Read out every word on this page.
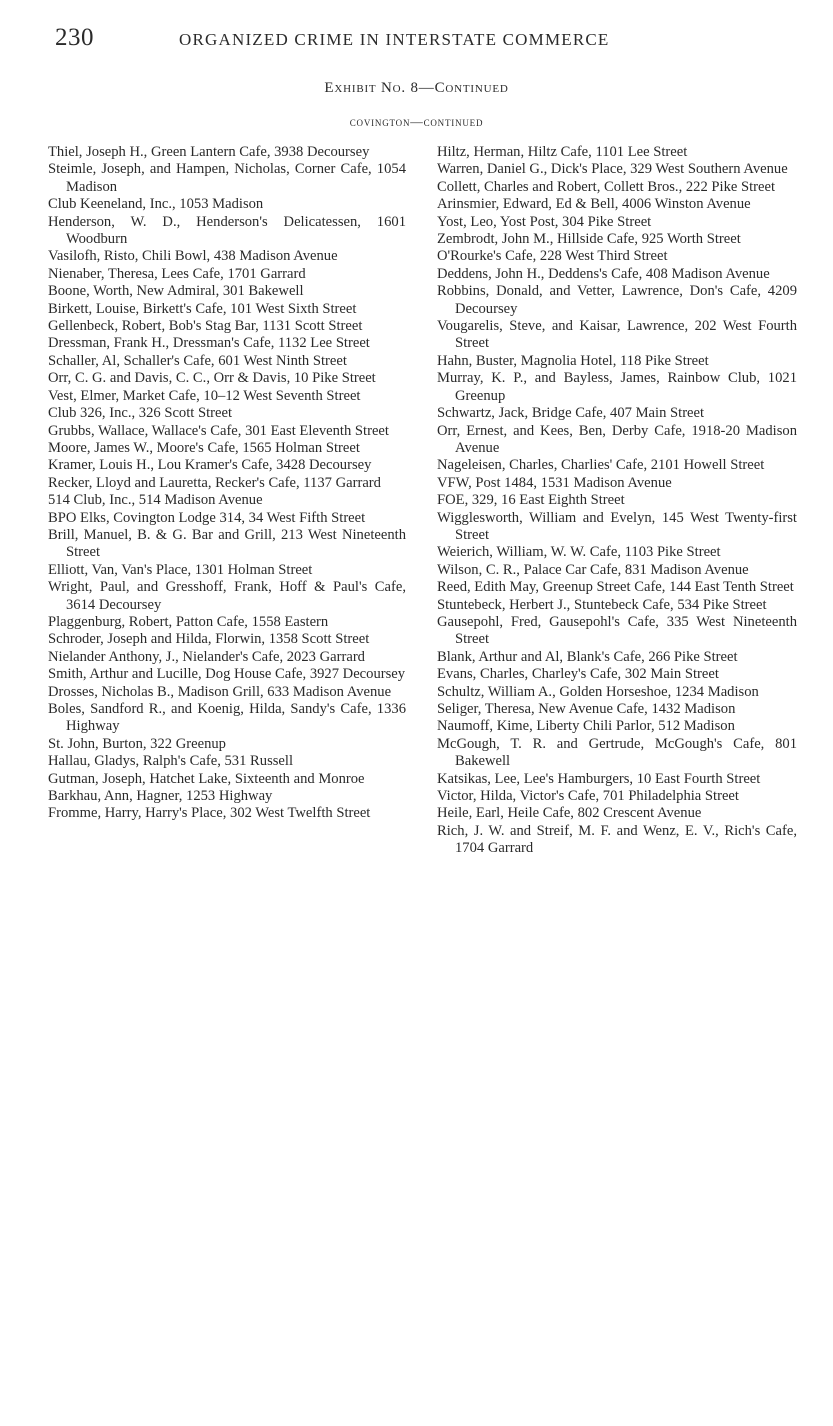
230	ORGANIZED CRIME IN INTERSTATE COMMERCE
Exhibit No. 8—Continued
covington—continued

Thiel, Joseph H., Green Lantern Cafe, 3938 Decoursey

Steimle, Joseph, and Hampen, Nicholas, Corner Cafe, 1054 Madison

Club Keeneland, Inc., 1053 Madison

Henderson, W. D., Henderson's Delicatessen, 1601 Woodburn

Vasilofh, Risto, Chili Bowl, 438 Madison Avenue

Nienaber, Theresa, Lees Cafe, 1701 Garrard

Boone, Worth, New Admiral, 301 Bakewell

Birkett, Louise, Birkett's Cafe, 101 West Sixth Street

Gellenbeck, Robert, Bob's Stag Bar, 1131 Scott Street

Dressman, Frank H., Dressman's Cafe, 1132 Lee Street

Schaller, Al, Schaller's Cafe, 601 West Ninth Street

Orr, C. G. and Davis, C. C., Orr & Davis, 10 Pike Street

Vest, Elmer, Market Cafe, 10–12 West Seventh Street

Club 326, Inc., 326 Scott Street

Grubbs, Wallace, Wallace's Cafe, 301 East Eleventh Street

Moore, James W., Moore's Cafe, 1565 Holman Street

Kramer, Louis H., Lou Kramer's Cafe, 3428 Decoursey

Recker, Lloyd and Lauretta, Recker's Cafe, 1137 Garrard

514 Club, Inc., 514 Madison Avenue

BPO Elks, Covington Lodge 314, 34 West Fifth Street

Brill, Manuel, B. & G. Bar and Grill, 213 West Nineteenth Street

Elliott, Van, Van's Place, 1301 Holman Street

Wright, Paul, and Gresshoff, Frank, Hoff & Paul's Cafe, 3614 Decoursey

Plaggenburg, Robert, Patton Cafe, 1558 Eastern

Schroder, Joseph and Hilda, Florwin, 1358 Scott Street

Nielander Anthony, J., Nielander's Cafe, 2023 Garrard

Smith, Arthur and Lucille, Dog House Cafe, 3927 Decoursey

Drosses, Nicholas B., Madison Grill, 633 Madison Avenue

Boles, Sandford R., and Koenig, Hilda, Sandy's Cafe, 1336 Highway

St. John, Burton, 322 Greenup

Hallau, Gladys, Ralph's Cafe, 531 Russell

Gutman, Joseph, Hatchet Lake, Sixteenth and Monroe

Barkhau, Ann, Hagner, 1253 Highway

Fromme, Harry, Harry's Place, 302 West Twelfth Street

Hiltz, Herman, Hiltz Cafe, 1101 Lee Street

Warren, Daniel G., Dick's Place, 329 West Southern Avenue

Collett, Charles and Robert, Collett Bros., 222 Pike Street

Arinsmier, Edward, Ed & Bell, 4006 Winston Avenue

Yost, Leo, Yost Post, 304 Pike Street

Zembrodt, John M., Hillside Cafe, 925 Worth Street

O'Rourke's Cafe, 228 West Third Street

Deddens, John H., Deddens's Cafe, 408 Madison Avenue

Robbins, Donald, and Vetter, Lawrence, Don's Cafe, 4209 Decoursey

Vougarelis, Steve, and Kaisar, Lawrence, 202 West Fourth Street

Hahn, Buster, Magnolia Hotel, 118 Pike Street

Murray, K. P., and Bayless, James, Rainbow Club, 1021 Greenup

Schwartz, Jack, Bridge Cafe, 407 Main Street

Orr, Ernest, and Kees, Ben, Derby Cafe, 1918-20 Madison Avenue

Nageleisen, Charles, Charlies' Cafe, 2101 Howell Street

VFW, Post 1484, 1531 Madison Avenue

FOE, 329, 16 East Eighth Street

Wigglesworth, William and Evelyn, 145 West Twenty-first Street

Weierich, William, W. W. Cafe, 1103 Pike Street

Wilson, C. R., Palace Car Cafe, 831 Madison Avenue

Reed, Edith May, Greenup Street Cafe, 144 East Tenth Street

Stuntebeck, Herbert J., Stuntebeck Cafe, 534 Pike Street

Gausepohl, Fred, Gausepohl's Cafe, 335 West Nineteenth Street

Blank, Arthur and Al, Blank's Cafe, 266 Pike Street

Evans, Charles, Charley's Cafe, 302 Main Street

Schultz, William A., Golden Horseshoe, 1234 Madison

Seliger, Theresa, New Avenue Cafe, 1432 Madison

Naumoff, Kime, Liberty Chili Parlor, 512 Madison

McGough, T. R. and Gertrude, McGough's Cafe, 801 Bakewell

Katsikas, Lee, Lee's Hamburgers, 10 East Fourth Street

Victor, Hilda, Victor's Cafe, 701 Philadelphia Street

Heile, Earl, Heile Cafe, 802 Crescent Avenue

Rich, J. W. and Streif, M. F. and Wenz, E. V., Rich's Cafe, 1704 Garrard
